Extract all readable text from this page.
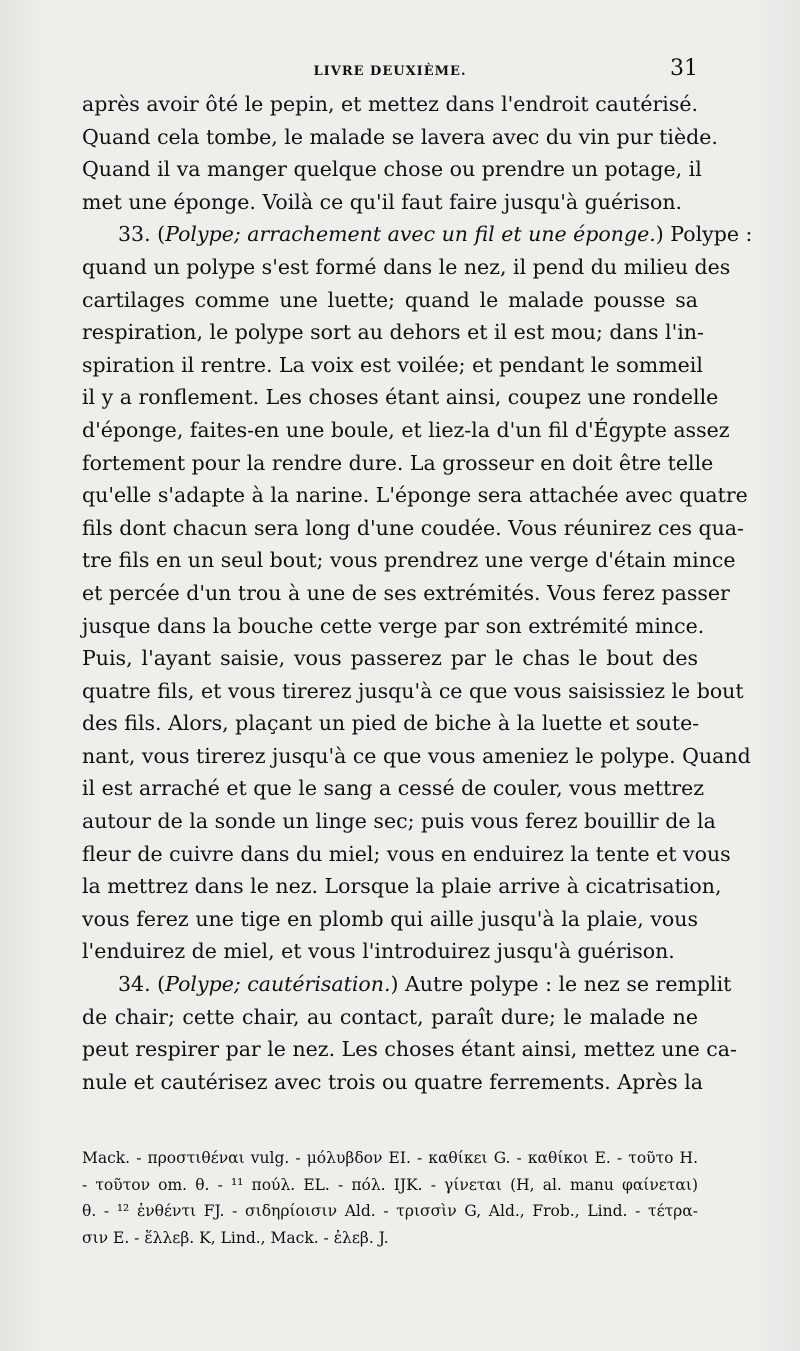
LIVRE DEUXIÈME.	31
après avoir ôté le pepin, et mettez dans l'endroit cautérisé.
Quand cela tombe, le malade se lavera avec du vin pur tiède.
Quand il va manger quelque chose ou prendre un potage, il
met une éponge. Voilà ce qu'il faut faire jusqu'à guérison.
33. (Polype; arrachement avec un fil et une éponge.) Polype :
quand un polype s'est formé dans le nez, il pend du milieu des
cartilages comme une luette; quand le malade pousse sa
respiration, le polype sort au dehors et il est mou; dans l'in-
spiration il rentre. La voix est voilée; et pendant le sommeil
il y a ronflement. Les choses étant ainsi, coupez une rondelle
d'éponge, faites-en une boule, et liez-la d'un fil d'Égypte assez
fortement pour la rendre dure. La grosseur en doit être telle
qu'elle s'adapte à la narine. L'éponge sera attachée avec quatre
fils dont chacun sera long d'une coudée. Vous réunirez ces qua-
tre fils en un seul bout; vous prendrez une verge d'étain mince
et percée d'un trou à une de ses extrémités. Vous ferez passer
jusque dans la bouche cette verge par son extrémité mince.
Puis, l'ayant saisie, vous passerez par le chas le bout des
quatre fils, et vous tirerez jusqu'à ce que vous saisissiez le bout
des fils. Alors, plaçant un pied de biche à la luette et soute-
nant, vous tirerez jusqu'à ce que vous ameniez le polype. Quand
il est arraché et que le sang a cessé de couler, vous mettrez
autour de la sonde un linge sec; puis vous ferez bouillir de la
fleur de cuivre dans du miel; vous en enduirez la tente et vous
la mettrez dans le nez. Lorsque la plaie arrive à cicatrisation,
vous ferez une tige en plomb qui aille jusqu'à la plaie, vous
l'enduirez de miel, et vous l'introduirez jusqu'à guérison.
34. (Polype; cautérisation.) Autre polype : le nez se remplit
de chair; cette chair, au contact, paraît dure; le malade ne
peut respirer par le nez. Les choses étant ainsi, mettez une ca-
nule et cautérisez avec trois ou quatre ferrements. Après la
Mack. - προστιθέναι vulg. - μόλυβδον EI. - καθίκει G. - καθίκοι E. - τοῦτο H.
- τοῦτον om. θ. - ¹¹ πούλ. EL. - πόλ. IJK. - γίνεται (H, al. manu φαίνεται)
θ. - ¹² ἐνθέντι FJ. - σιδηρίοισιν Ald. - τρισσὶν G, Ald., Frob., Lind. - τέτρα-
σιν E. - ἕλλεβ. K, Lind., Mack. - ἐλεβ. J.
